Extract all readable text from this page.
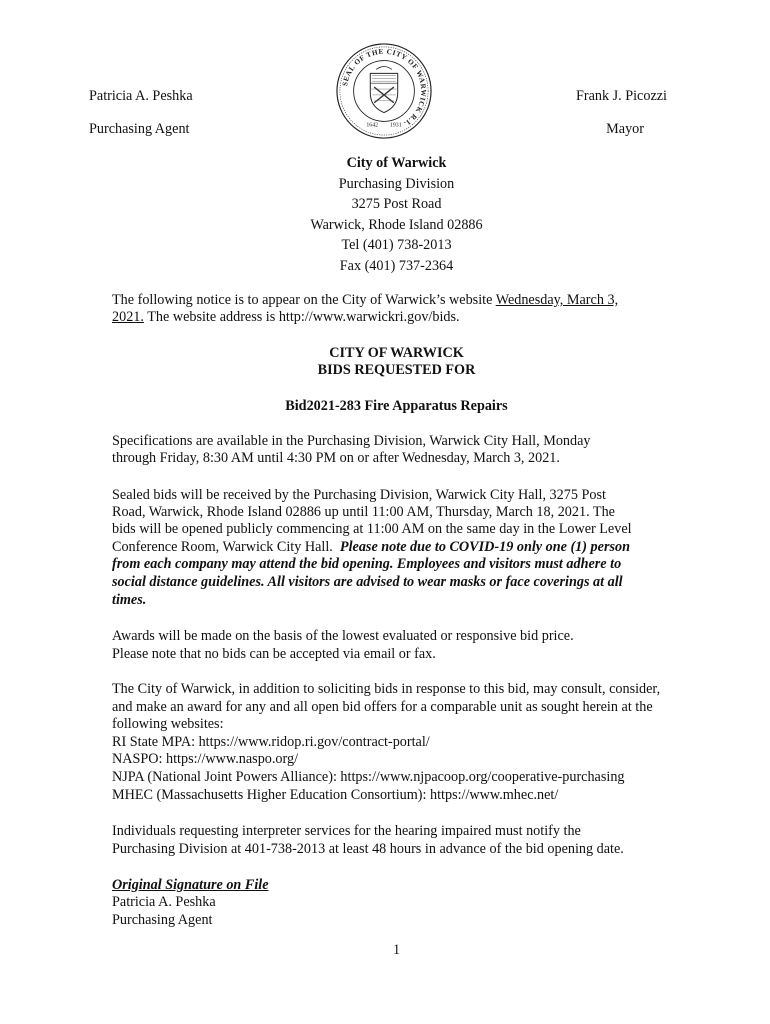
Patricia A. Peshka
Purchasing Agent
Frank J. Picozzi
Mayor
SEAL OF THE CITY OF WARWICK R.I.
1642 1931
City of Warwick
Purchasing Division
3275 Post Road
Warwick, Rhode Island 02886
Tel (401) 738-2013
Fax (401) 737-2364
The following notice is to appear on the City of Warwick’s website Wednesday, March 3,
2021. The website address is http://www.warwickri.gov/bids.
CITY OF WARWICK
BIDS REQUESTED FOR
Bid2021-283 Fire Apparatus Repairs
Specifications are available in the Purchasing Division, Warwick City Hall, Monday
through Friday, 8:30 AM until 4:30 PM on or after Wednesday, March 3, 2021.
Sealed bids will be received by the Purchasing Division, Warwick City Hall, 3275 Post
Road, Warwick, Rhode Island 02886 up until 11:00 AM, Thursday, March 18, 2021. The
bids will be opened publicly commencing at 11:00 AM on the same day in the Lower Level
Conference Room, Warwick City Hall. Please note due to COVID-19 only one (1) person
from each company may attend the bid opening. Employees and visitors must adhere to
social distance guidelines. All visitors are advised to wear masks or face coverings at all
times.
Awards will be made on the basis of the lowest evaluated or responsive bid price.
Please note that no bids can be accepted via email or fax.
The City of Warwick, in addition to soliciting bids in response to this bid, may consult, consider,
and make an award for any and all open bid offers for a comparable unit as sought herein at the
following websites:
RI State MPA: https://www.ridop.ri.gov/contract-portal/
NASPO: https://www.naspo.org/
NJPA (National Joint Powers Alliance): https://www.njpacoop.org/cooperative-purchasing
MHEC (Massachusetts Higher Education Consortium): https://www.mhec.net/
Individuals requesting interpreter services for the hearing impaired must notify the
Purchasing Division at 401-738-2013 at least 48 hours in advance of the bid opening date.
Original Signature on File
Patricia A. Peshka
Purchasing Agent
1
